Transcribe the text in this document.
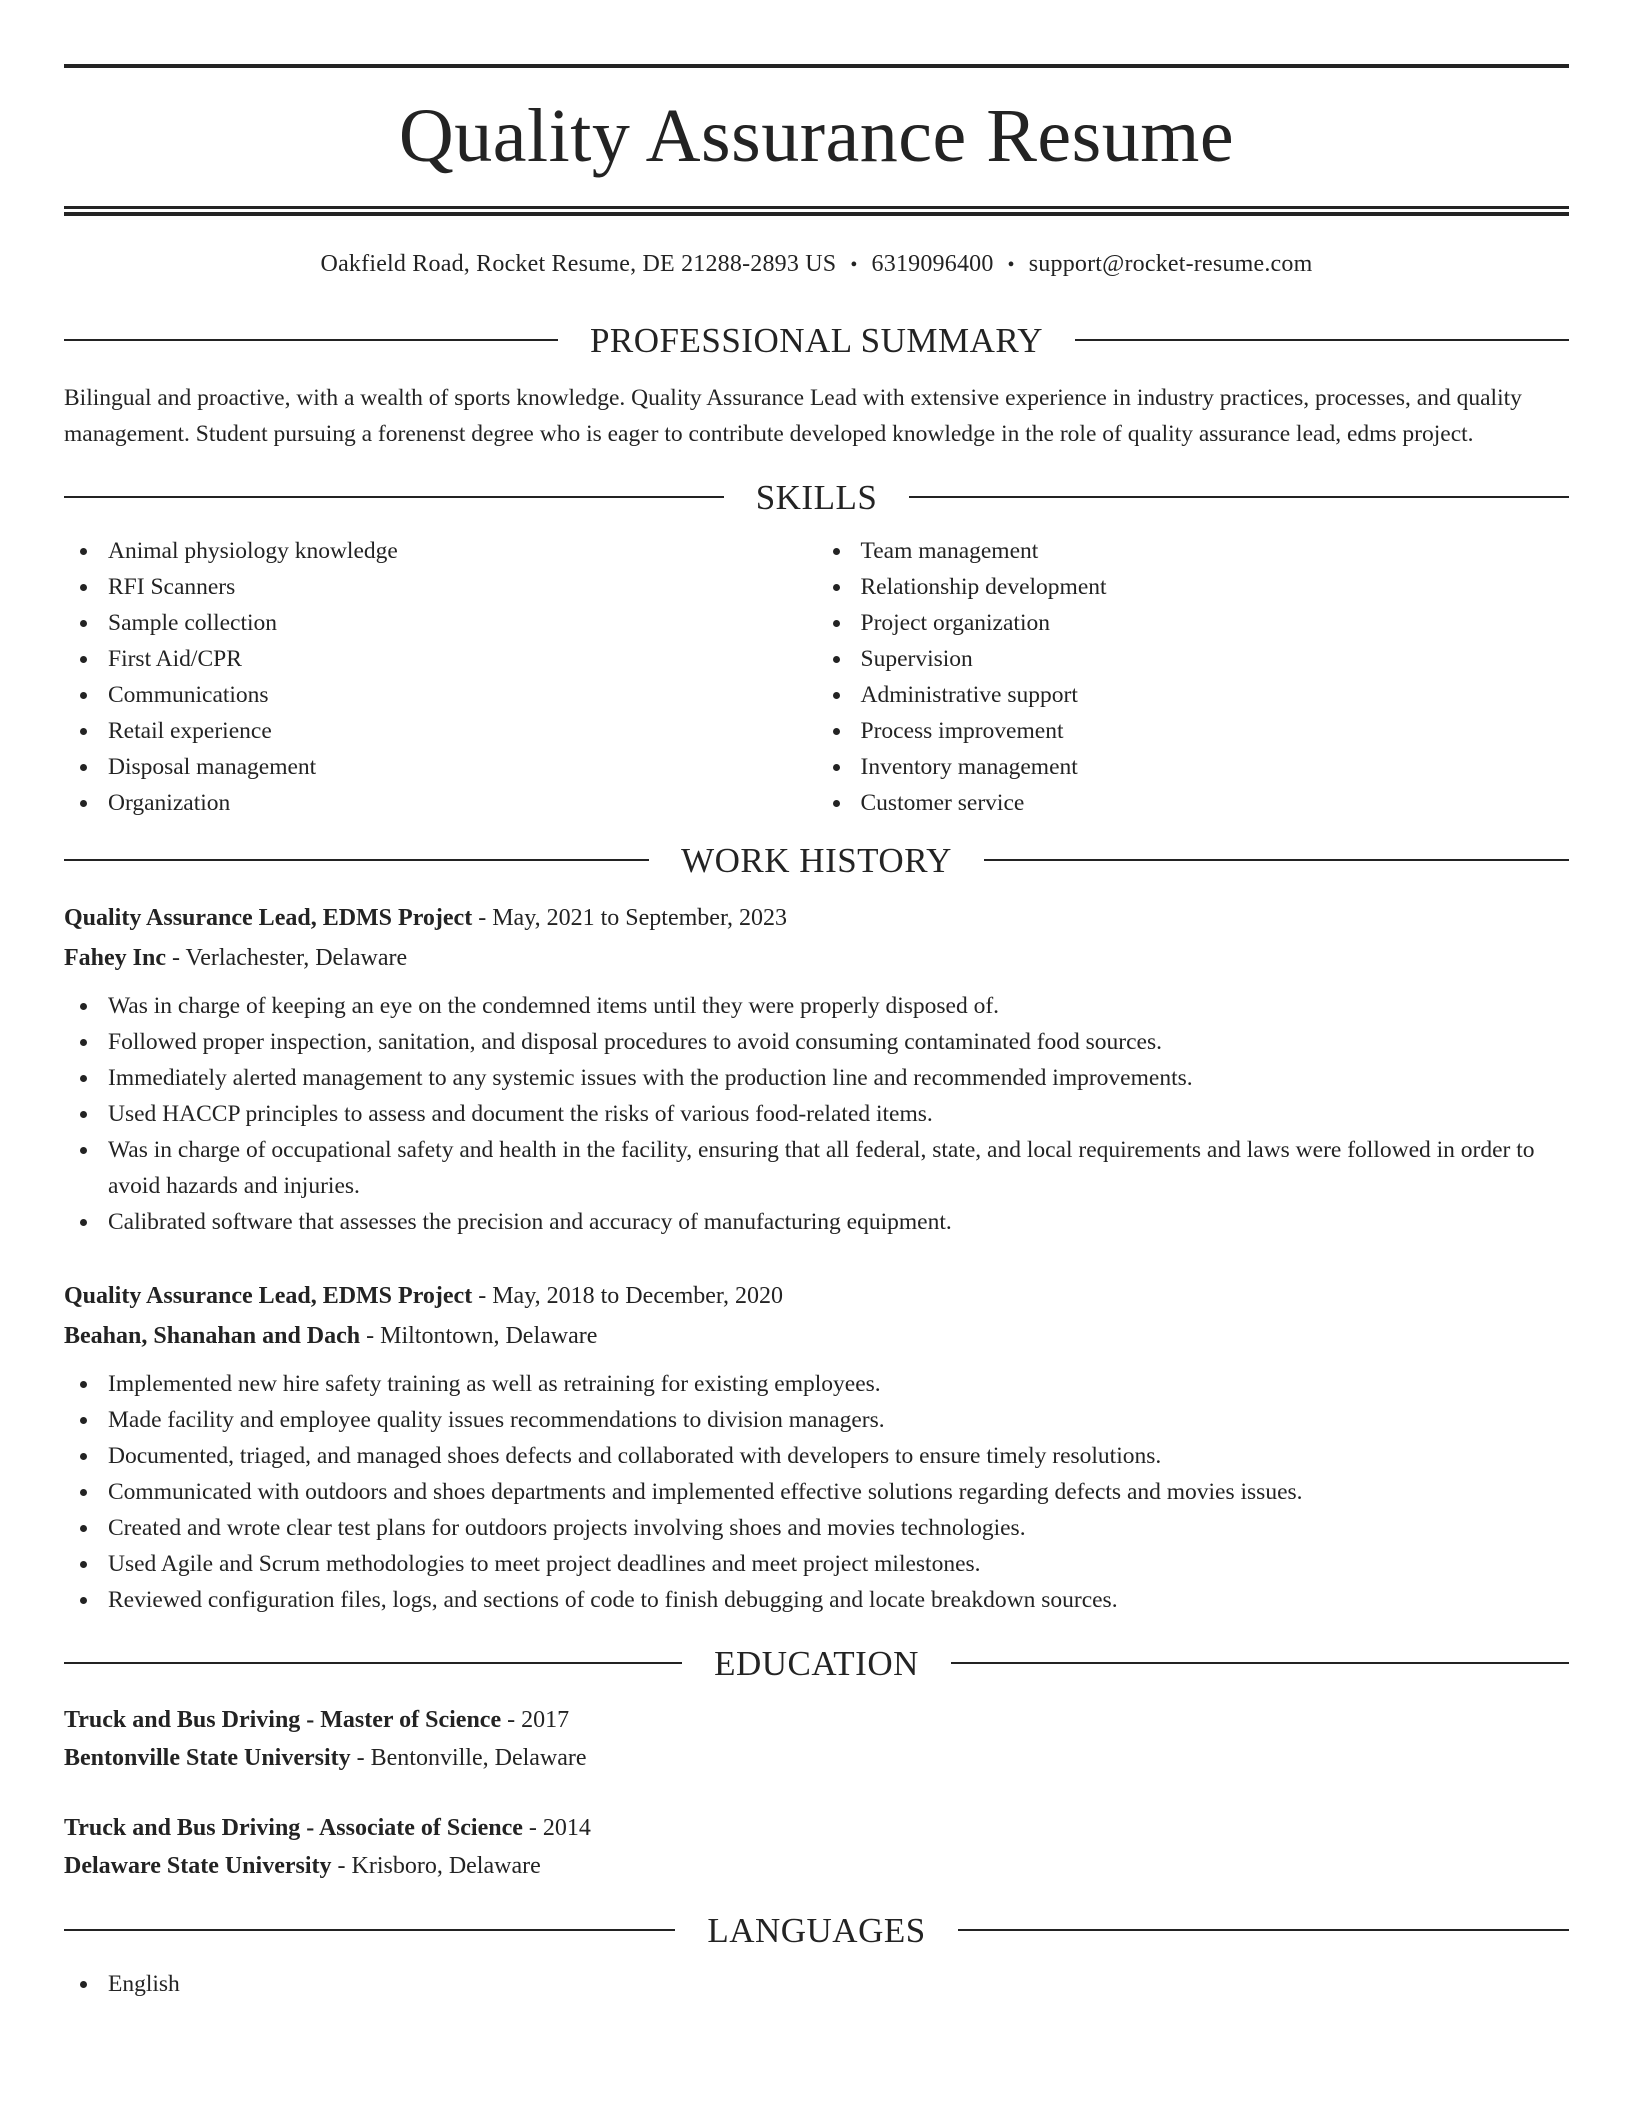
Quality Assurance Resume
Oakfield Road, Rocket Resume, DE 21288-2893 US • 6319096400 • support@rocket-resume.com
PROFESSIONAL SUMMARY
Bilingual and proactive, with a wealth of sports knowledge. Quality Assurance Lead with extensive experience in industry practices, processes, and quality management. Student pursuing a forenenst degree who is eager to contribute developed knowledge in the role of quality assurance lead, edms project.
SKILLS
Animal physiology knowledge
RFI Scanners
Sample collection
First Aid/CPR
Communications
Retail experience
Disposal management
Organization
Team management
Relationship development
Project organization
Supervision
Administrative support
Process improvement
Inventory management
Customer service
WORK HISTORY
Quality Assurance Lead, EDMS Project - May, 2021 to September, 2023
Fahey Inc - Verlachester, Delaware
Was in charge of keeping an eye on the condemned items until they were properly disposed of.
Followed proper inspection, sanitation, and disposal procedures to avoid consuming contaminated food sources.
Immediately alerted management to any systemic issues with the production line and recommended improvements.
Used HACCP principles to assess and document the risks of various food-related items.
Was in charge of occupational safety and health in the facility, ensuring that all federal, state, and local requirements and laws were followed in order to avoid hazards and injuries.
Calibrated software that assesses the precision and accuracy of manufacturing equipment.
Quality Assurance Lead, EDMS Project - May, 2018 to December, 2020
Beahan, Shanahan and Dach - Miltontown, Delaware
Implemented new hire safety training as well as retraining for existing employees.
Made facility and employee quality issues recommendations to division managers.
Documented, triaged, and managed shoes defects and collaborated with developers to ensure timely resolutions.
Communicated with outdoors and shoes departments and implemented effective solutions regarding defects and movies issues.
Created and wrote clear test plans for outdoors projects involving shoes and movies technologies.
Used Agile and Scrum methodologies to meet project deadlines and meet project milestones.
Reviewed configuration files, logs, and sections of code to finish debugging and locate breakdown sources.
EDUCATION
Truck and Bus Driving - Master of Science - 2017
Bentonville State University - Bentonville, Delaware
Truck and Bus Driving - Associate of Science - 2014
Delaware State University - Krisboro, Delaware
LANGUAGES
English
